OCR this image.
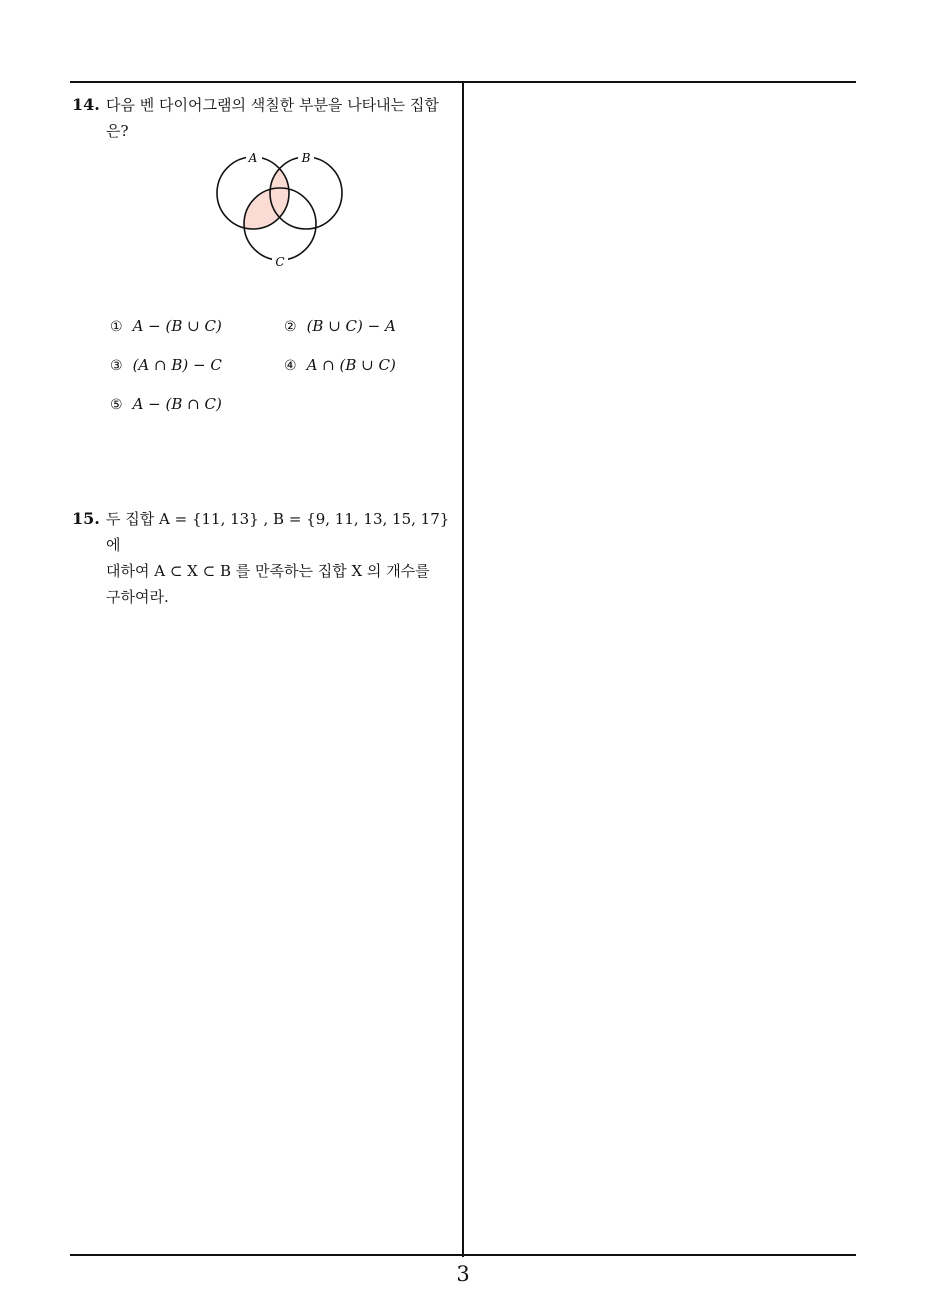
14. 다음 벤 다이어그램의 색칠한 부분을 나타내는 집합 은?
A	B
C
① A − (B ∪ C)	② (B ∪ C) − A
③ (A ∩ B) − C	④ A ∩ (B ∪ C)
⑤ A − (B ∩ C)
15. 두 집합 A = {11, 13} , B = {9, 11, 13, 15, 17} 에
대하여 A ⊂ X ⊂ B 를 만족하는 집합 X 의 개수를
구하여라.
3
